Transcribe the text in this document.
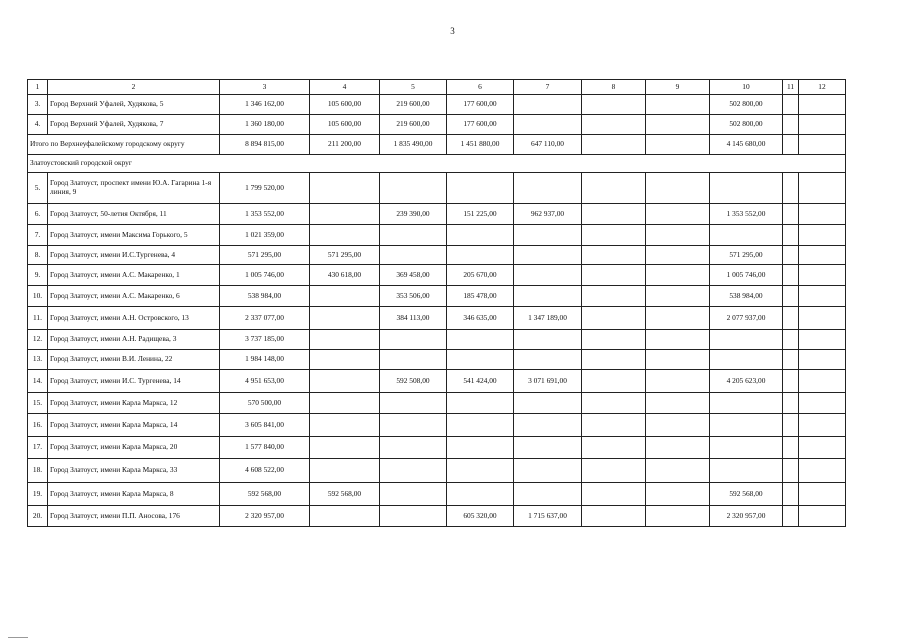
3
1	2	3	4	5	6	7	8	9	10	11	12
3.	Город Верхний Уфалей, Худякова, 5	1 346 162,00	105 600,00	219 600,00	177 600,00				502 800,00		
4.	Город Верхний Уфалей, Худякова, 7	1 360 180,00	105 600,00	219 600,00	177 600,00				502 800,00		
Итого по Верхнеуфалейскому городскому округу		8 894 815,00	211 200,00	1 835 490,00	1 451 880,00	647 110,00			4 145 680,00		
Златоустовский городской округ											
5.	Город Златоуст, проспект имени Ю.А. Гагарина 1-я линия, 9	1 799 520,00									
6.	Город Златоуст, 50-летия Октября, 11	1 353 552,00		239 390,00	151 225,00	962 937,00			1 353 552,00		
7.	Город Златоуст, имени Максима Горького, 5	1 021 359,00									
8.	Город Златоуст, имени И.С.Тургенева, 4	571 295,00	571 295,00						571 295,00		
9.	Город Златоуст, имени А.С. Макаренко, 1	1 005 746,00	430 618,00	369 458,00	205 670,00				1 005 746,00		
10.	Город Златоуст, имени А.С. Макаренко, 6	538 984,00		353 506,00	185 478,00				538 984,00		
11.	Город Златоуст, имени А.Н. Островского, 13	2 337 077,00		384 113,00	346 635,00	1 347 189,00			2 077 937,00		
12.	Город Златоуст, имени А.Н. Радищева, 3	3 737 185,00									
13.	Город Златоуст, имени В.И. Ленина, 22	1 984 148,00									
14.	Город Златоуст, имени И.С. Тургенева, 14	4 951 653,00		592 508,00	541 424,00	3 071 691,00			4 205 623,00		
15.	Город Златоуст, имени Карла Маркса, 12	570 500,00									
16.	Город Златоуст, имени Карла Маркса, 14	3 605 841,00									
17.	Город Златоуст, имени Карла Маркса, 20	1 577 840,00									
18.	Город Златоуст, имени Карла Маркса, 33	4 608 522,00									
19.	Город Златоуст, имени Карла Маркса, 8	592 568,00	592 568,00						592 568,00		
20.	Город Златоуст, имени П.П. Аносова, 176	2 320 957,00			605 320,00	1 715 637,00			2 320 957,00		
